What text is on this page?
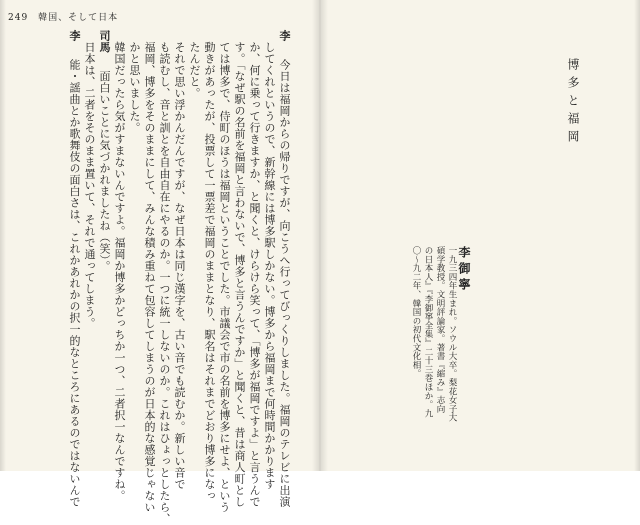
249 韓国、そして日本
李　今日は福岡からの帰りですが、向こうへ行ってびっくりしました。福岡のテレビに出演
　してくれというので、新幹線には博多駅しかない。博多から福岡まで何時間かかります
　か、何に乗って行きますか、と聞くと、けらけら笑って、「博多が福岡ですよ」と言うんで
　す。「なぜ駅の名前を福岡と言わないで、博多と言うんですか」と聞くと、昔は商人町とし
　ては博多で、侍町のほうは福岡ということでした。市議会で市の名前を博多にせよ、という
　動きがあったが、投票して一票差で福岡のままとなり、駅名はそれまでどおり博多になっ
　たんだと。
　それで思い浮かんだんですが、なぜ日本は同じ漢字を、古い音でも読むか。新しい音で
　も読むし、音と訓とを自由自在にやるのか。一つに統一しないのか。これはひょっとしたら、
　福岡、博多をそのままにして、みんな積み重ねて包容してしまうのが日本的な感覚じゃない
　かと思いました。
　韓国だったら気がすまないんですよ。福岡か博多かどっちか一つ、二者択一なんですね。
司馬　面白いことに気づかれましたね（笑）。
　日本は、二者をそのまま置いて、それで通ってしまう。
李　能・謡曲とか歌舞伎の面白さは、これかあれかの択一的なところにあるのではないんで	博多と福岡
李御寧
一九三四年生まれ。ソウル大卒。梨花女子大
碩学教授。文明評論家。著書『縮み』志向
の日本人』『李御寧全集』二十三巻ほか。九
〇～九二年、韓国の初代文化相。
